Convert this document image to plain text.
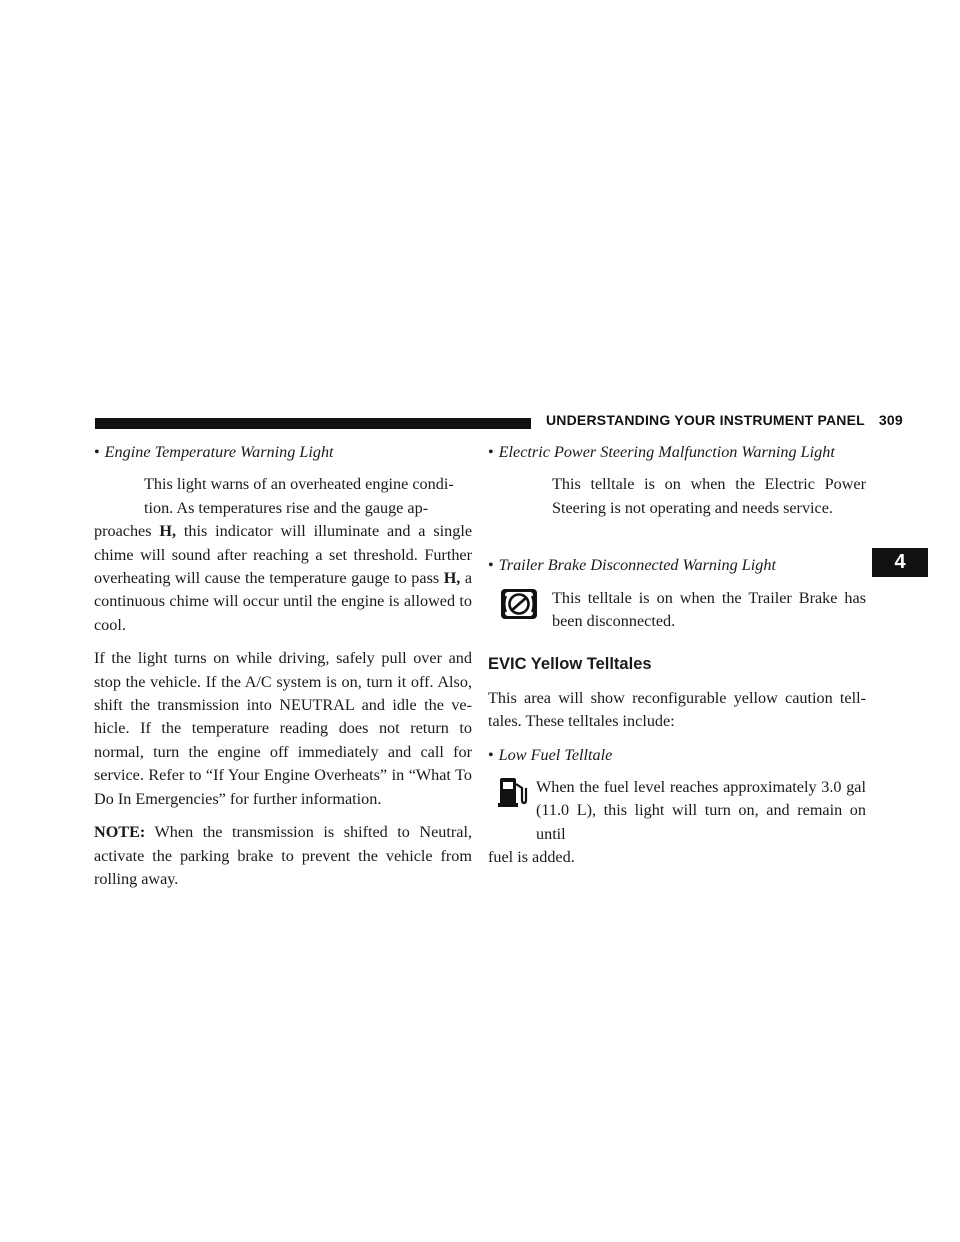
UNDERSTANDING YOUR INSTRUMENT PANEL 309
4

• Engine Temperature Warning Light

This light warns of an overheated engine condi-

tion. As temperatures rise and the gauge ap-

proaches H, this indicator will illuminate and a single chime will sound after reaching a set threshold. Further overheating will cause the temperature gauge to pass H, a continuous chime will occur until the engine is allowed to cool.

If the light turns on while driving, safely pull over and stop the vehicle. If the A/C system is on, turn it off. Also, shift the transmission into NEUTRAL and idle the ve- hicle. If the temperature reading does not return to normal, turn the engine off immediately and call for service. Refer to “If Your Engine Overheats” in “What To Do In Emergencies” for further information.

NOTE: When the transmission is shifted to Neutral, activate the parking brake to prevent the vehicle from rolling away.

• Electric Power Steering Malfunction Warning Light

This telltale is on when the Electric Power Steering is not operating and needs service.

• Trailer Brake Disconnected Warning Light

This telltale is on when the Trailer Brake has been disconnected.

EVIC Yellow Telltales

This area will show reconfigurable yellow caution tell- tales. These telltales include:

• Low Fuel Telltale

When the fuel level reaches approximately 3.0 gal (11.0 L), this light will turn on, and remain on until

fuel is added.
